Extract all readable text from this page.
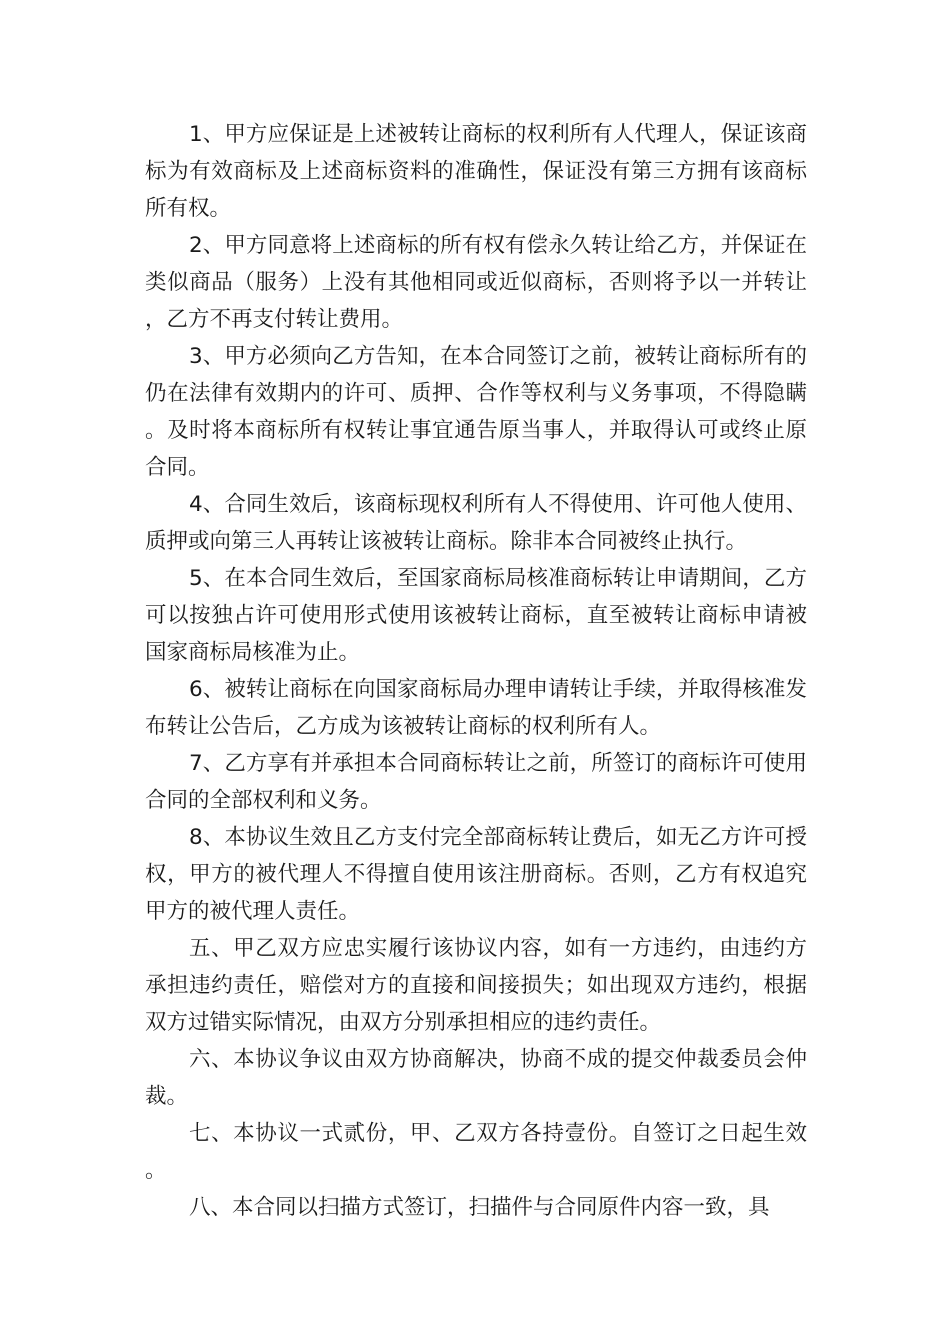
1、甲方应保证是上述被转让商标的权利所有人代理人，保证该商标为有效商标及上述商标资料的准确性，保证没有第三方拥有该商标所有权。

2、甲方同意将上述商标的所有权有偿永久转让给乙方，并保证在类似商品（服务）上没有其他相同或近似商标，否则将予以一并转让，乙方不再支付转让费用。

3、甲方必须向乙方告知，在本合同签订之前，被转让商标所有的仍在法律有效期内的许可、质押、合作等权利与义务事项，不得隐瞒。及时将本商标所有权转让事宜通告原当事人，并取得认可或终止原合同。

4、合同生效后，该商标现权利所有人不得使用、许可他人使用、质押或向第三人再转让该被转让商标。除非本合同被终止执行。

5、在本合同生效后，至国家商标局核准商标转让申请期间，乙方可以按独占许可使用形式使用该被转让商标，直至被转让商标申请被国家商标局核准为止。

6、被转让商标在向国家商标局办理申请转让手续，并取得核准发布转让公告后，乙方成为该被转让商标的权利所有人。

7、乙方享有并承担本合同商标转让之前，所签订的商标许可使用合同的全部权利和义务。

8、本协议生效且乙方支付完全部商标转让费后，如无乙方许可授权，甲方的被代理人不得擅自使用该注册商标。否则，乙方有权追究甲方的被代理人责任。

五、甲乙双方应忠实履行该协议内容，如有一方违约，由违约方承担违约责任，赔偿对方的直接和间接损失；如出现双方违约，根据双方过错实际情况，由双方分别承担相应的违约责任。

六、本协议争议由双方协商解决，协商不成的提交仲裁委员会仲裁。

七、本协议一式贰份，甲、乙双方各持壹份。自签订之日起生效。

八、本合同以扫描方式签订，扫描件与合同原件内容一致，具
